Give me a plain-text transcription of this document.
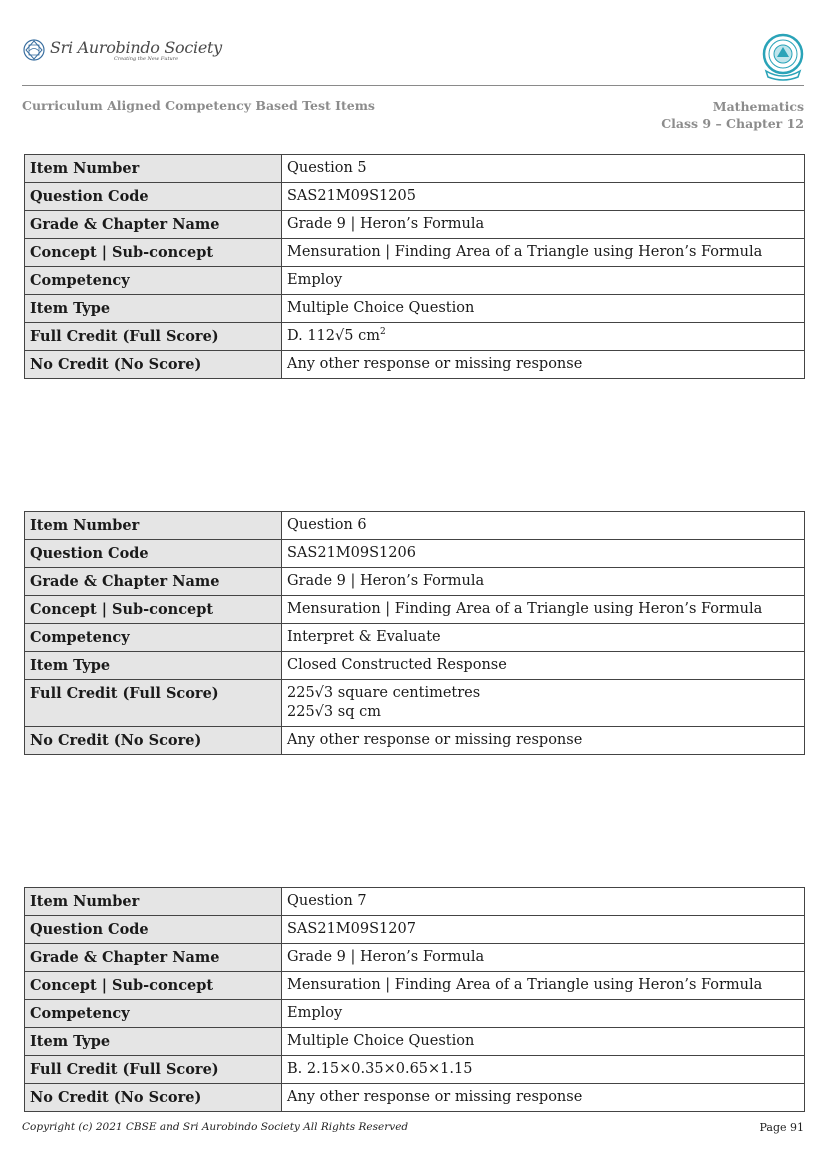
Sri Aurobindo Society
Creating the New Future
Curriculum Aligned Competency Based Test Items	Mathematics
Class 9 – Chapter 12
Item Number	Question 5
Question Code	SAS21M09S1205
Grade & Chapter Name	Grade 9 | Heron’s Formula
Concept | Sub-concept	Mensuration | Finding Area of a Triangle using Heron’s Formula
Competency	Employ
Item Type	Multiple Choice Question
Full Credit (Full Score)	D. 112√5 $cm^2$
No Credit (No Score)	Any other response or missing response
Item Number	Question 6
Question Code	SAS21M09S1206
Grade & Chapter Name	Grade 9 | Heron’s Formula
Concept | Sub-concept	Mensuration | Finding Area of a Triangle using Heron’s Formula
Competency	Interpret & Evaluate
Item Type	Closed Constructed Response
Full Credit (Full Score)	225√3 square centimetres
225√3 sq cm

No Credit (No Score)	Any other response or missing response
Item Number	Question 7
Question Code	SAS21M09S1207
Grade & Chapter Name	Grade 9 | Heron’s Formula
Concept | Sub-concept	Mensuration | Finding Area of a Triangle using Heron’s Formula
Competency	Employ
Item Type	Multiple Choice Question
Full Credit (Full Score)	B. 2.15×0.35×0.65×1.15
No Credit (No Score)	Any other response or missing response
Copyright (c) 2021 CBSE and Sri Aurobindo Society All Rights Reserved	Page 91
